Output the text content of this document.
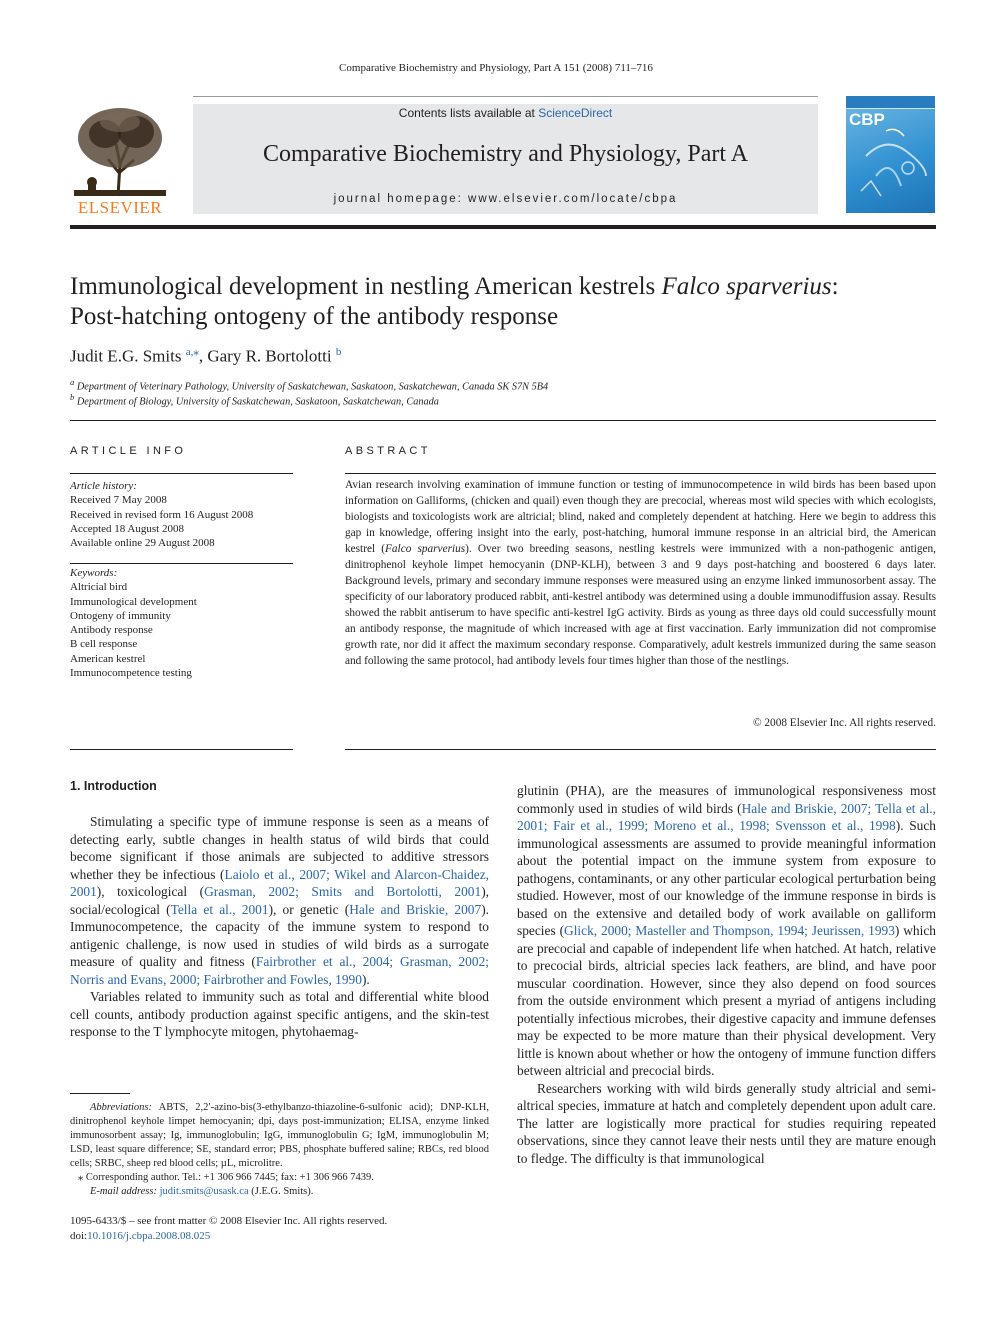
Comparative Biochemistry and Physiology, Part A 151 (2008) 711–716
ELSEVIER
Contents lists available at ScienceDirect
Comparative Biochemistry and Physiology, Part A
journal homepage: www.elsevier.com/locate/cbpa
CBP
Immunological development in nestling American kestrels Falco sparverius:
Post-hatching ontogeny of the antibody response
Judit E.G. Smits $^{a,⁎}$, Gary R. Bortolotti $^b$
$^a$ Department of Veterinary Pathology, University of Saskatchewan, Saskatoon, Saskatchewan, Canada SK S7N 5B4
$^b$ Department of Biology, University of Saskatchewan, Saskatoon, Saskatchewan, Canada
ARTICLE INFO	ABSTRACT
Article history:
Received 7 May 2008
Received in revised form 16 August 2008
Accepted 18 August 2008
Available online 29 August 2008
Keywords:
Altricial bird
Immunological development
Ontogeny of immunity
Antibody response
B cell response
American kestrel
Immunocompetence testing
Avian research involving examination of immune function or testing of immunocompetence in wild birds has been based upon information on Galliforms, (chicken and quail) even though they are precocial, whereas most wild species with which ecologists, biologists and toxicologists work are altricial; blind, naked and completely dependent at hatching. Here we begin to address this gap in knowledge, offering insight into the early, post-hatching, humoral immune response in an altricial bird, the American kestrel (Falco sparverius). Over two breeding seasons, nestling kestrels were immunized with a non-pathogenic antigen, dinitrophenol keyhole limpet hemocyanin (DNP-KLH), between 3 and 9 days post-hatching and boostered 6 days later. Background levels, primary and secondary immune responses were measured using an enzyme linked immunosorbent assay. The specificity of our laboratory produced rabbit, anti-kestrel antibody was determined using a double immunodiffusion assay. Results showed the rabbit antiserum to have specific anti-kestrel IgG activity. Birds as young as three days old could successfully mount an antibody response, the magnitude of which increased with age at first vaccination. Early immunization did not compromise growth rate, nor did it affect the maximum secondary response. Comparatively, adult kestrels immunized during the same season and following the same protocol, had antibody levels four times higher than those of the nestlings.
© 2008 Elsevier Inc. All rights reserved.
1. Introduction

Stimulating a specific type of immune response is seen as a means of detecting early, subtle changes in health status of wild birds that could become significant if those animals are subjected to additive stressors whether they be infectious (Laiolo et al., 2007; Wikel and Alarcon-Chaidez, 2001), toxicological (Grasman, 2002; Smits and Bortolotti, 2001), social/ecological (Tella et al., 2001), or genetic (Hale and Briskie, 2007). Immunocompetence, the capacity of the immune system to respond to antigenic challenge, is now used in studies of wild birds as a surrogate measure of quality and fitness (Fairbrother et al., 2004; Grasman, 2002; Norris and Evans, 2000; Fairbrother and Fowles, 1990).

Variables related to immunity such as total and differential white blood cell counts, antibody production against specific antigens, and the skin-test response to the T lymphocyte mitogen, phytohaemag-

glutinin (PHA), are the measures of immunological responsiveness most commonly used in studies of wild birds (Hale and Briskie, 2007; Tella et al., 2001; Fair et al., 1999; Moreno et al., 1998; Svensson et al., 1998). Such immunological assessments are assumed to provide meaningful information about the potential impact on the immune system from exposure to pathogens, contaminants, or any other particular ecological perturbation being studied. However, most of our knowledge of the immune response in birds is based on the extensive and detailed body of work available on galliform species (Glick, 2000; Masteller and Thompson, 1994; Jeurissen, 1993) which are precocial and capable of independent life when hatched. At hatch, relative to precocial birds, altricial species lack feathers, are blind, and have poor muscular coordination. However, since they also depend on food sources from the outside environment which present a myriad of antigens including potentially infectious microbes, their digestive capacity and immune defenses may be expected to be more mature than their physical development. Very little is known about whether or how the ontogeny of immune function differs between altricial and precocial birds.

Researchers working with wild birds generally study altricial and semi-altrical species, immature at hatch and completely dependent upon adult care. The latter are logistically more practical for studies requiring repeated observations, since they cannot leave their nests until they are mature enough to fledge. The difficulty is that immunological

Abbreviations: ABTS, 2,2′-azino-bis(3-ethylbanzo-thiazoline-6-sulfonic acid); DNP-KLH, dinitrophenol keyhole limpet hemocyanin; dpi, days post-immunization; ELISA, enzyme linked immunosorbent assay; Ig, immunoglobulin; IgG, immunoglobulin G; IgM, immunoglobulin M; LSD, least square difference; SE, standard error; PBS, phosphate buffered saline; RBCs, red blood cells; SRBC, sheep red blood cells; µL, microlitre.
⁎ Corresponding author. Tel.: +1 306 966 7445; fax: +1 306 966 7439.
E-mail address: judit.smits@usask.ca (J.E.G. Smits).
1095-6433/$ – see front matter © 2008 Elsevier Inc. All rights reserved.
doi:10.1016/j.cbpa.2008.08.025
